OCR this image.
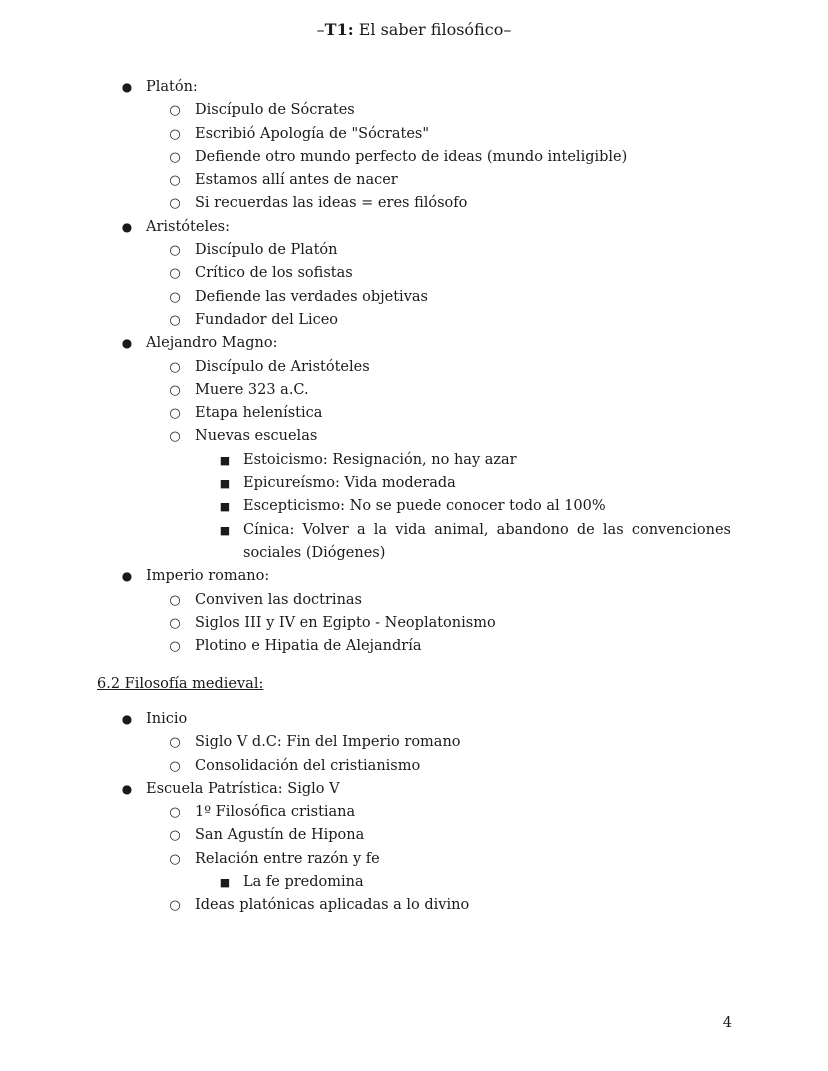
–T1: El saber filosófico–
● Platón:
○ Discípulo de Sócrates
○ Escribió Apología de "Sócrates"
○ Defiende otro mundo perfecto de ideas (mundo inteligible)
○ Estamos allí antes de nacer
○ Si recuerdas las ideas = eres filósofo
● Aristóteles:
○ Discípulo de Platón
○ Crítico de los sofistas
○ Defiende las verdades objetivas
○ Fundador del Liceo
● Alejandro Magno:
○ Discípulo de Aristóteles
○ Muere 323 a.C.
○ Etapa helenística
○ Nuevas escuelas
■ Estoicismo: Resignación, no hay azar
■ Epicureísmo: Vida moderada
■ Escepticismo: No se puede conocer todo al 100%
■ Cínica: Volver a la vida animal, abandono de las convenciones sociales (Diógenes)
● Imperio romano:
○ Conviven las doctrinas
○ Siglos III y IV en Egipto - Neoplatonismo
○ Plotino e Hipatia de Alejandría
6.2 Filosofía medieval:
● Inicio
○ Siglo V d.C: Fin del Imperio romano
○ Consolidación del cristianismo
● Escuela Patrística: Siglo V
○ 1º Filosófica cristiana
○ San Agustín de Hipona
○ Relación entre razón y fe
■ La fe predomina
○ Ideas platónicas aplicadas a lo divino
4
